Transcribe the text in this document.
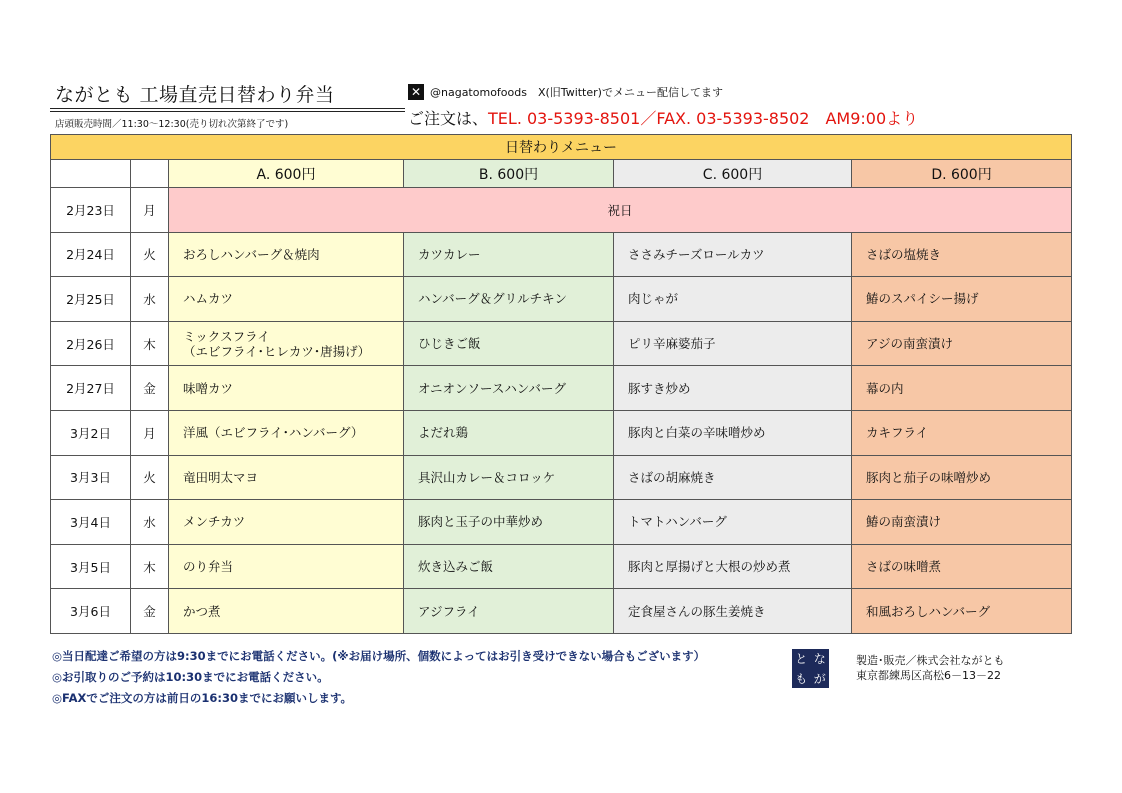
ながとも 工場直売日替わり弁当
店頭販売時間／11:30～12:30(売り切れ次第終了です)
✕ @nagatomofoods　X(旧Twitter)でメニュー配信してます
ご注文は、TEL. 03-5393-8501／FAX. 03-5393-8502　AM9:00より
日替わりメニュー					
		A. 600円	B. 600円	C. 600円	D. 600円
2月23日	月	祝日			
2月24日	火	おろしハンバーグ＆焼肉	カツカレー	ささみチーズロールカツ	さばの塩焼き
2月25日	水	ハムカツ	ハンバーグ＆グリルチキン	肉じゃが	鰆のスパイシー揚げ
2月26日	木	ミックスフライ
（エビフライ･ヒレカツ･唐揚げ）	ひじきご飯	ピリ辛麻婆茄子	アジの南蛮漬け
2月27日	金	味噌カツ	オニオンソースハンバーグ	豚すき炒め	幕の内
3月2日	月	洋風（エビフライ･ハンバーグ）	よだれ鶏	豚肉と白菜の辛味噌炒め	カキフライ
3月3日	火	竜田明太マヨ	具沢山カレー＆コロッケ	さばの胡麻焼き	豚肉と茄子の味噌炒め
3月4日	水	メンチカツ	豚肉と玉子の中華炒め	トマトハンバーグ	鰆の南蛮漬け
3月5日	木	のり弁当	炊き込みご飯	豚肉と厚揚げと大根の炒め煮	さばの味噌煮
3月6日	金	かつ煮	アジフライ	定食屋さんの豚生姜焼き	和風おろしハンバーグ
◎当日配達ご希望の方は9:30までにお電話ください。(※お届け場所、個数によってはお引き受けできない場合もございます）
◎お引取りのご予約は10:30までにお電話ください。
◎FAXでご注文の方は前日の16:30までにお願いします。
と な
も が
製造･販売／株式会社ながとも
東京都練馬区高松6－13－22
